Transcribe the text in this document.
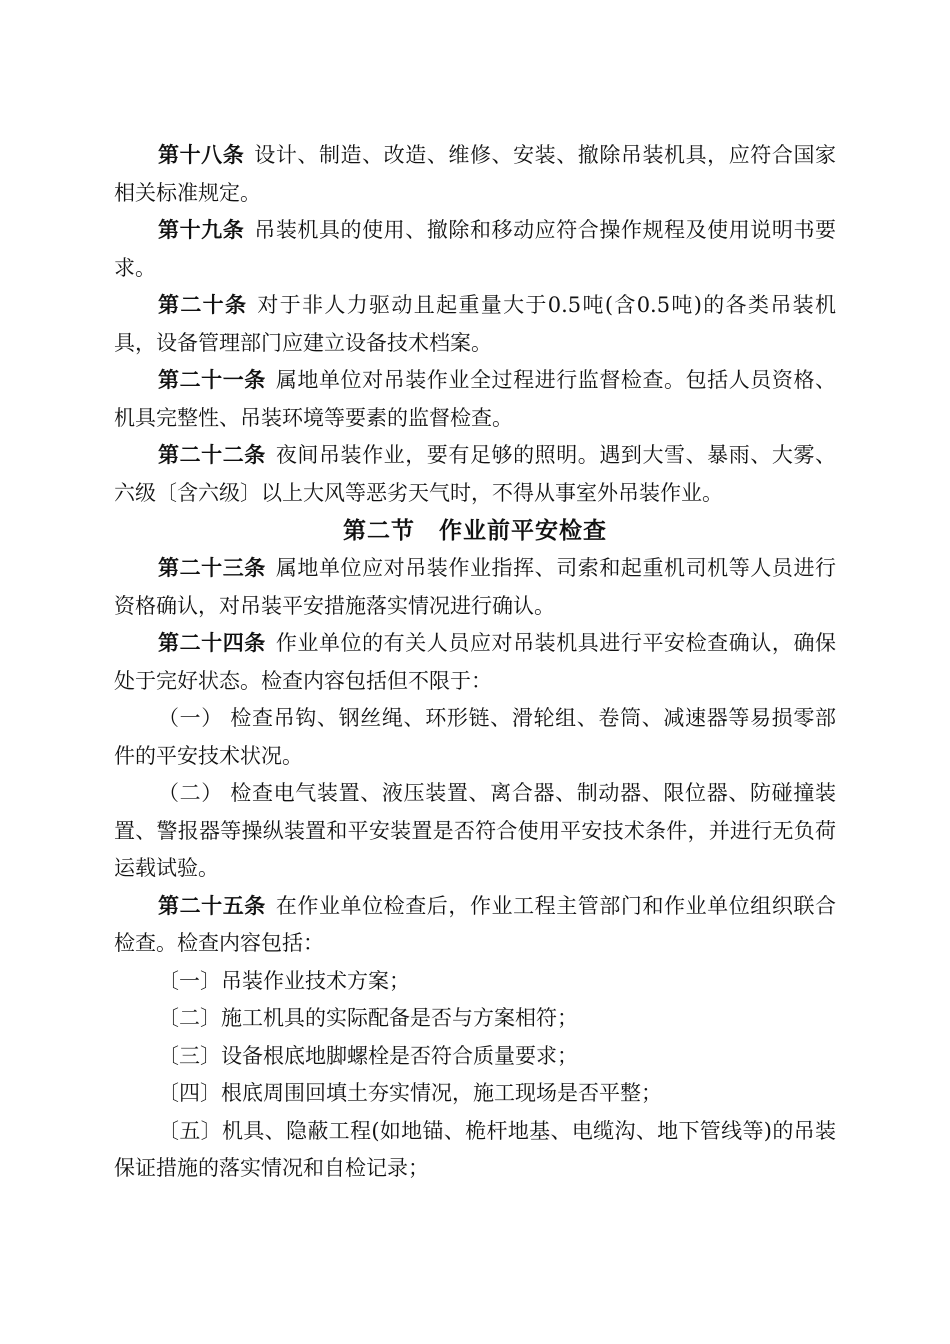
第十八条 设计、制造、改造、维修、安装、撤除吊装机具，应符合国家相关标准规定。

第十九条 吊装机具的使用、撤除和移动应符合操作规程及使用说明书要求。

第二十条 对于非人力驱动且起重量大于0.5吨(含0.5吨)的各类吊装机具，设备管理部门应建立设备技术档案。

第二十一条 属地单位对吊装作业全过程进行监督检查。包括人员资格、机具完整性、吊装环境等要素的监督检查。

第二十二条 夜间吊装作业，要有足够的照明。遇到大雪、暴雨、大雾、六级〔含六级〕以上大风等恶劣天气时，不得从事室外吊装作业。

第二节　作业前平安检查

第二十三条 属地单位应对吊装作业指挥、司索和起重机司机等人员进行资格确认，对吊装平安措施落实情况进行确认。

第二十四条 作业单位的有关人员应对吊装机具进行平安检查确认，确保处于完好状态。检查内容包括但不限于：

（一） 检查吊钩、钢丝绳、环形链、滑轮组、卷筒、减速器等易损零部件的平安技术状况。

（二） 检查电气装置、液压装置、离合器、制动器、限位器、防碰撞装置、警报器等操纵装置和平安装置是否符合使用平安技术条件，并进行无负荷运载试验。

第二十五条 在作业单位检查后，作业工程主管部门和作业单位组织联合检查。检查内容包括：

〔一〕吊装作业技术方案；

〔二〕施工机具的实际配备是否与方案相符；

〔三〕设备根底地脚螺栓是否符合质量要求；

〔四〕根底周围回填土夯实情况，施工现场是否平整；

〔五〕机具、隐蔽工程(如地锚、桅杆地基、电缆沟、地下管线等)的吊装保证措施的落实情况和自检记录；
